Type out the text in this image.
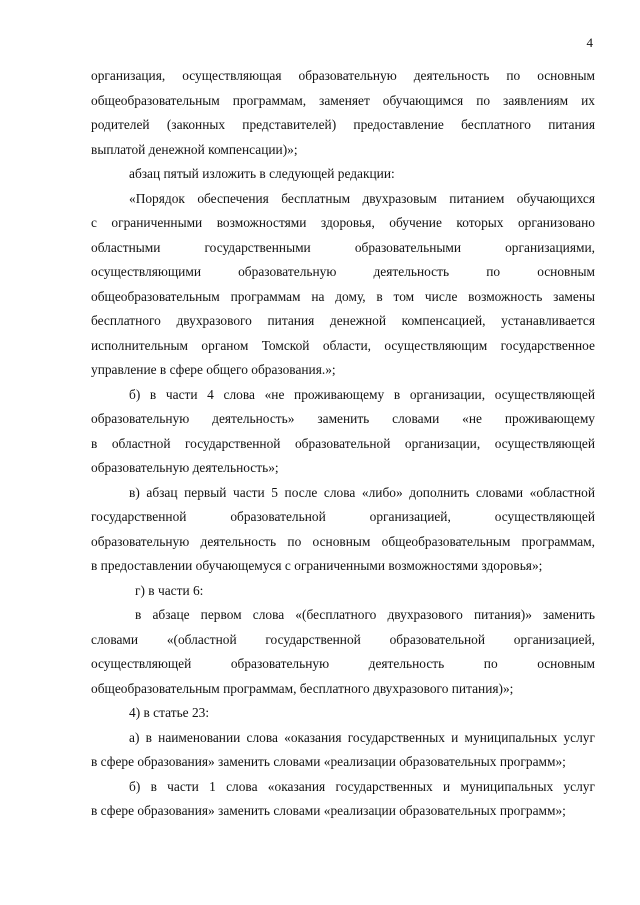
4
организация, осуществляющая образовательную деятельность по основным
общеобразовательным программам, заменяет обучающимся по заявлениям их
родителей (законных представителей) предоставление бесплатного питания
выплатой денежной компенсации)»;
абзац пятый изложить в следующей редакции:
«Порядок обеспечения бесплатным двухразовым питанием обучающихся
с ограниченными возможностями здоровья, обучение которых организовано
областными государственными образовательными организациями,
осуществляющими образовательную деятельность по основным
общеобразовательным программам на дому, в том числе возможность замены
бесплатного двухразового питания денежной компенсацией, устанавливается
исполнительным органом Томской области, осуществляющим государственное
управление в сфере общего образования.»;
б) в части 4 слова «не проживающему в организации, осуществляющей
образовательную деятельность» заменить словами «не проживающему
в областной государственной образовательной организации, осуществляющей
образовательную деятельность»;
в) абзац первый части 5 после слова «либо» дополнить словами «областной
государственной образовательной организацией, осуществляющей
образовательную деятельность по основным общеобразовательным программам,
в предоставлении обучающемуся с ограниченными возможностями здоровья»;
г) в части 6:
в абзаце первом слова «(бесплатного двухразового питания)» заменить
словами «(областной государственной образовательной организацией,
осуществляющей образовательную деятельность по основным
общеобразовательным программам, бесплатного двухразового питания)»;
4) в статье 23:
а) в наименовании слова «оказания государственных и муниципальных услуг
в сфере образования» заменить словами «реализации образовательных программ»;
б) в части 1 слова «оказания государственных и муниципальных услуг
в сфере образования» заменить словами «реализации образовательных программ»;
